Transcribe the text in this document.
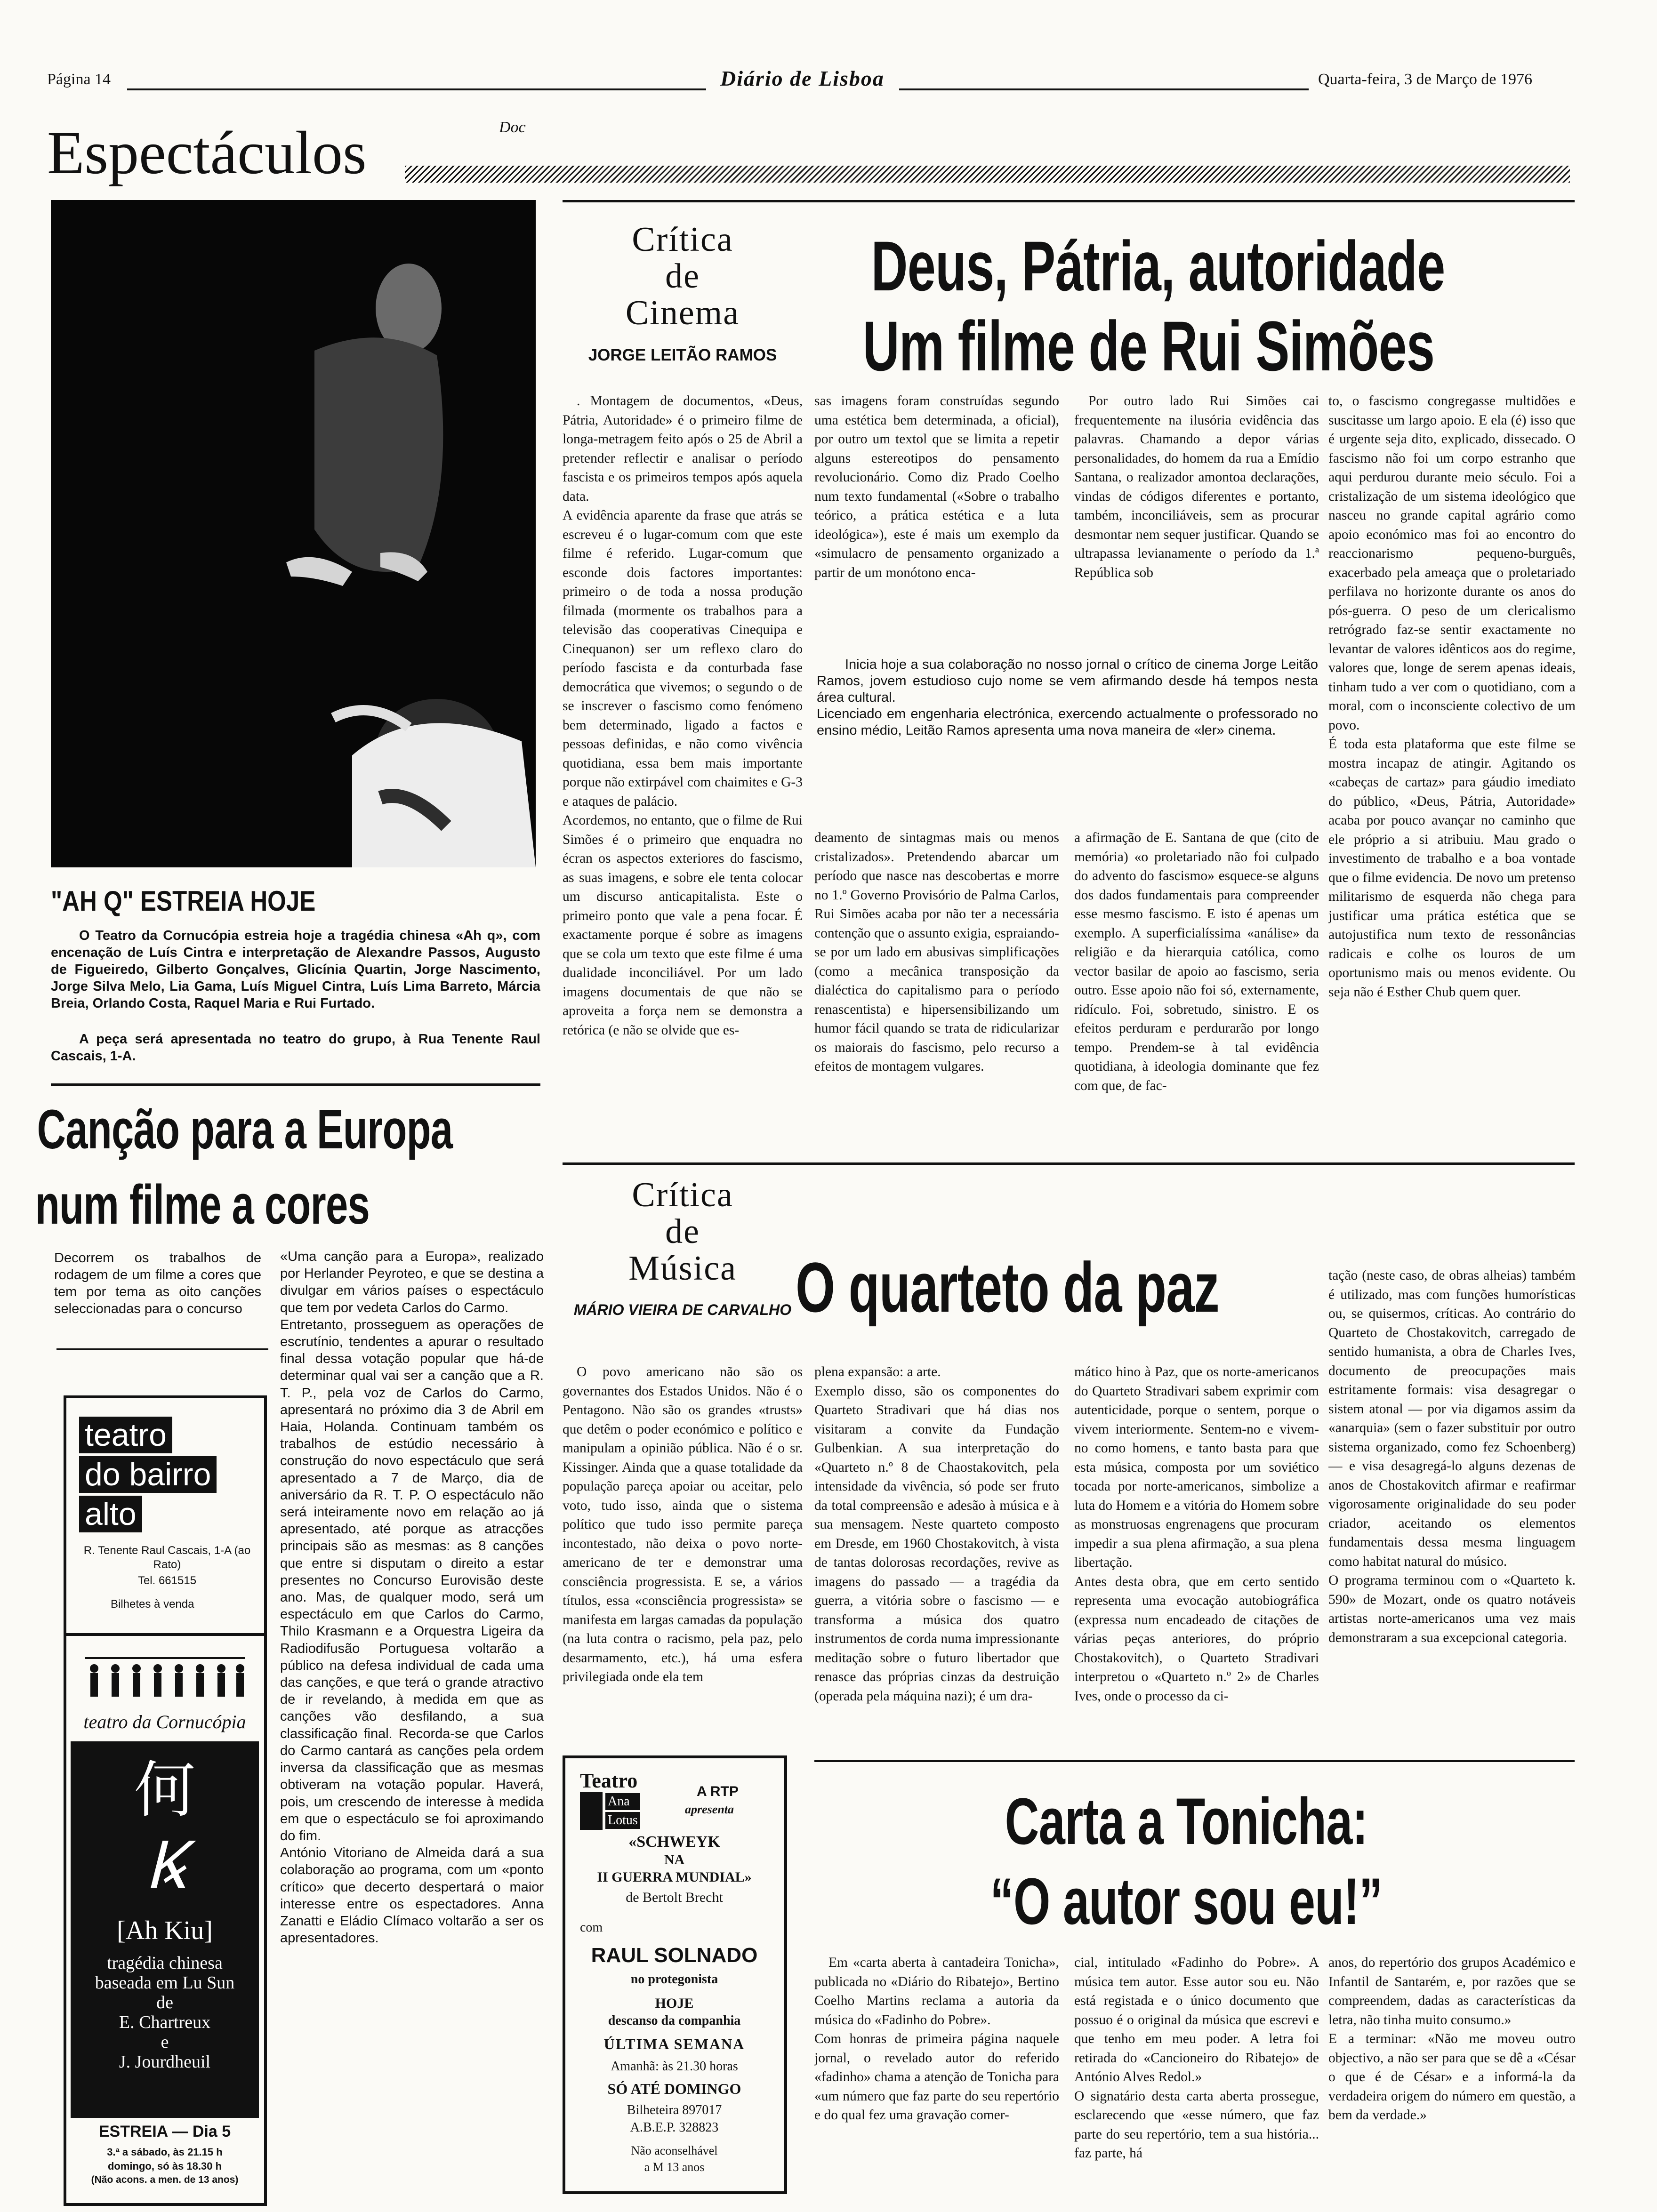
Página 14	Diário de Lisboa	Quarta-feira, 3 de Março de 1976
Espectáculos	Doc
"AH Q" ESTREIA HOJE
O Teatro da Cornucópia estreia hoje a tragédia chinesa «Ah q», com encenação de Luís Cintra e interpretação de Alexandre Passos, Augusto de Figueiredo, Gilberto Gonçalves, Glicínia Quartin, Jorge Nascimento, Jorge Silva Melo, Lia Gama, Luís Miguel Cintra, Luís Lima Barreto, Márcia Breia, Orlando Costa, Raquel Maria e Rui Furtado.
A peça será apresentada no teatro do grupo, à Rua Tenente Raul Cascais, 1-A.
Canção para a Europa
num filme a cores
Decorrem os trabalhos de rodagem de um filme a cores que tem por tema as oito canções seleccionadas para o concurso
«Uma canção para a Europa», realizado por Herlander Peyroteo, e que se destina a divulgar em vários países o espectáculo que tem por vedeta Carlos do Carmo.
Entretanto, prosseguem as operações de escrutínio, tendentes a apurar o resultado final dessa votação popular que há-de determinar qual vai ser a canção que a R. T. P., pela voz de Carlos do Carmo, apresentará no próximo dia 3 de Abril em Haia, Holanda. Continuam também os trabalhos de estúdio necessário à construção do novo espectáculo que será apresentado a 7 de Março, dia de aniversário da R. T. P. O espectáculo não será inteiramente novo em relação ao já apresentado, até porque as atracções principais são as mesmas: as 8 canções que entre si disputam o direito a estar presentes no Concurso Eurovisão deste ano. Mas, de qualquer modo, será um espectáculo em que Carlos do Carmo, Thilo Krasmann e a Orquestra Ligeira da Radiodifusão Portuguesa voltarão a público na defesa individual de cada uma das canções, e que terá o grande atractivo de ir revelando, à medida em que as canções vão desfilando, a sua classificação final. Recorda-se que Carlos do Carmo cantará as canções pela ordem inversa da classificação que as mesmas obtiveram na votação popular. Haverá, pois, um crescendo de interesse à medida em que o espectáculo se foi aproximando do fim.
António Vitoriano de Almeida dará a sua colaboração ao programa, com um «ponto crítico» que decerto despertará o maior interesse entre os espectadores. Anna Zanatti e Eládio Clímaco voltarão a ser os apresentadores.
teatro
do bairro
alto
R. Tenente Raul Cascais, 1-A (ao Rato)
Tel. 661515
Bilhetes à venda
teatro da Cornucópia
何
Ꝃ
[Ah Kiu]
tragédia chinesa
baseada em Lu Sun
de
E. Chartreux
e
J. Jourdheuil
ESTREIA — Dia 5
3.ª a sábado, às 21.15 h
domingo, só às 18.30 h
(Não acons. a men. de 13 anos)
Crítica
de
Cinema
JORGE LEITÃO RAMOS
Deus, Pátria, autoridade
Um filme de Rui Simões
. Montagem de documentos, «Deus, Pátria, Autoridade» é o primeiro filme de longa-metragem feito após o 25 de Abril a pretender reflectir e analisar o período fascista e os primeiros tempos após aquela data.
A evidência aparente da frase que atrás se escreveu é o lugar-comum com que este filme é referido. Lugar-comum que esconde dois factores importantes: primeiro o de toda a nossa produção filmada (mormente os trabalhos para a televisão das cooperativas Cinequipa e Cinequanon) ser um reflexo claro do período fascista e da conturbada fase democrática que vivemos; o segundo o de se inscrever o fascismo como fenómeno bem determinado, ligado a factos e pessoas definidas, e não como vivência quotidiana, essa bem mais importante porque não extirpável com chaimites e G-3 e ataques de palácio.
Acordemos, no entanto, que o filme de Rui Simões é o primeiro que enquadra no écran os aspectos exteriores do fascismo, as suas imagens, e sobre ele tenta colocar um discurso anticapitalista. Este o primeiro ponto que vale a pena focar. É exactamente porque é sobre as imagens que se cola um texto que este filme é uma dualidade inconciliável. Por um lado imagens documentais de que não se aproveita a força nem se demonstra a retórica (e não se olvide que es-
sas imagens foram construídas segundo uma estética bem determinada, a oficial), por outro um textol que se limita a repetir alguns estereotipos do pensamento revolucionário. Como diz Prado Coelho num texto fundamental («Sobre o trabalho teórico, a prática estética e a luta ideológica»), este é mais um exemplo da «simulacro de pensamento organizado a partir de um monótono enca-
Por outro lado Rui Simões cai frequentemente na ilusória evidência das palavras. Chamando a depor várias personalidades, do homem da rua a Emídio Santana, o realizador amontoa declarações, vindas de códigos diferentes e portanto, também, inconciliáveis, sem as procurar desmontar nem sequer justificar. Quando se ultrapassa levianamente o período da 1.ª República sob
Inicia hoje a sua colaboração no nosso jornal o crítico de cinema Jorge Leitão Ramos, jovem estudioso cujo nome se vem afirmando desde há tempos nesta área cultural.
Licenciado em engenharia electrónica, exercendo actualmente o professorado no ensino médio, Leitão Ramos apresenta uma nova maneira de «ler» cinema.
deamento de sintagmas mais ou menos cristalizados». Pretendendo abarcar um período que nasce nas descobertas e morre no 1.º Governo Provisório de Palma Carlos, Rui Simões acaba por não ter a necessária contenção que o assunto exigia, espraiando-se por um lado em abusivas simplificações (como a mecânica transposição da dialéctica do capitalismo para o período renascentista) e hipersensibilizando um humor fácil quando se trata de ridicularizar os maiorais do fascismo, pelo recurso a efeitos de montagem vulgares.
a afirmação de E. Santana de que (cito de memória) «o proletariado não foi culpado do advento do fascismo» esquece-se alguns dos dados fundamentais para compreender esse mesmo fascismo. E isto é apenas um exemplo. A superficialíssima «análise» da religião e da hierarquia católica, como vector basilar de apoio ao fascismo, seria outro. Esse apoio não foi só, externamente, ridículo. Foi, sobretudo, sinistro. E os efeitos perduram e perdurarão por longo tempo. Prendem-se à tal evidência quotidiana, à ideologia dominante que fez com que, de fac-
to, o fascismo congregasse multidões e suscitasse um largo apoio. E ela (é) isso que é urgente seja dito, explicado, dissecado. O fascismo não foi um corpo estranho que aqui perdurou durante meio século. Foi a cristalização de um sistema ideológico que nasceu no grande capital agrário como apoio económico mas foi ao encontro do reaccionarismo pequeno-burguês, exacerbado pela ameaça que o proletariado perfilava no horizonte durante os anos do pós-guerra. O peso de um clericalismo retrógrado faz-se sentir exactamente no levantar de valores idênticos aos do regime, valores que, longe de serem apenas ideais, tinham tudo a ver com o quotidiano, com a moral, com o inconsciente colectivo de um povo.
É toda esta plataforma que este filme se mostra incapaz de atingir. Agitando os «cabeças de cartaz» para gáudio imediato do público, «Deus, Pátria, Autoridade» acaba por pouco avançar no caminho que ele próprio a si atribuiu. Mau grado o investimento de trabalho e a boa vontade que o filme evidencia. De novo um pretenso militarismo de esquerda não chega para justificar uma prática estética que se autojustifica num texto de ressonâncias radicais e colhe os louros de um oportunismo mais ou menos evidente. Ou seja não é Esther Chub quem quer.
Crítica
de
Música
MÁRIO VIEIRA DE CARVALHO O quarteto da paz
O povo americano não são os governantes dos Estados Unidos. Não é o Pentagono. Não são os grandes «trusts» que detêm o poder económico e político e manipulam a opinião pública. Não é o sr. Kissinger. Ainda que a quase totalidade da população pareça apoiar ou aceitar, pelo voto, tudo isso, ainda que o sistema político que tudo isso permite pareça incontestado, não deixa o povo norte-americano de ter e demonstrar uma consciência progressista. E se, a vários títulos, essa «consciência progressista» se manifesta em largas camadas da população (na luta contra o racismo, pela paz, pelo desarmamento, etc.), há uma esfera privilegiada onde ela tem
plena expansão: a arte.
Exemplo disso, são os componentes do Quarteto Stradivari que há dias nos visitaram a convite da Fundação Gulbenkian. A sua interpretação do «Quarteto n.º 8 de Chaostakovitch, pela intensidade da vivência, só pode ser fruto da total compreensão e adesão à música e à sua mensagem. Neste quarteto composto em Dresde, em 1960 Chostakovitch, à vista de tantas dolorosas recordações, revive as imagens do passado — a tragédia da guerra, a vitória sobre o fascismo — e transforma a música dos quatro instrumentos de corda numa impressionante meditação sobre o futuro libertador que renasce das próprias cinzas da destruição (operada pela máquina nazi); é um dra-
mático hino à Paz, que os norte-americanos do Quarteto Stradivari sabem exprimir com autenticidade, porque o sentem, porque o vivem interiormente. Sentem-no e vivem-no como homens, e tanto basta para que esta música, composta por um soviético tocada por norte-americanos, simbolize a luta do Homem e a vitória do Homem sobre as monstruosas engrenagens que procuram impedir a sua plena afirmação, a sua plena libertação.
Antes desta obra, que em certo sentido representa uma evocação autobiográfica (expressa num encadeado de citações de várias peças anteriores, do próprio Chostakovitch), o Quarteto Stradivari interpretou o «Quarteto n.º 2» de Charles Ives, onde o processo da ci-
tação (neste caso, de obras alheias) também é utilizado, mas com funções humorísticas ou, se quisermos, críticas. Ao contrário do Quarteto de Chostakovitch, carregado de sentido humanista, a obra de Charles Ives, documento de preocupações mais estritamente formais: visa desagregar o sistem atonal — por via digamos assim da «anarquia» (sem o fazer substituir por outro sistema organizado, como fez Schoenberg) — e visa desagregá-lo alguns dezenas de anos de Chostakovitch afirmar e reafirmar vigorosamente originalidade do seu poder criador, aceitando os elementos fundamentais dessa mesma linguagem como habitat natural do músico.
O programa terminou com o «Quarteto k. 590» de Mozart, onde os quatro notáveis artistas norte-americanos uma vez mais demonstraram a sua excepcional categoria.
Teatro
Ana
Lotus
A RTP
apresenta
«SCHWEYK
NA
II GUERRA MUNDIAL»
de Bertolt Brecht
com
RAUL SOLNADO
no protegonista
HOJE
descanso da companhia
ÚLTIMA SEMANA
Amanhã: às 21.30 horas
SÓ ATÉ DOMINGO
Bilheteira 897017
A.B.E.P. 328823
Não aconselhável
a M 13 anos
Carta a Tonicha:
“O autor sou eu!”
Em «carta aberta à cantadeira Tonicha», publicada no «Diário do Ribatejo», Bertino Coelho Martins reclama a autoria da música do «Fadinho do Pobre».
Com honras de primeira página naquele jornal, o revelado autor do referido «fadinho» chama a atenção de Tonicha para «um número que faz parte do seu repertório e do qual fez uma gravação comer-
cial, intitulado «Fadinho do Pobre». A música tem autor. Esse autor sou eu. Não está registada e o único documento que possuo é o original da música que escrevi e que tenho em meu poder. A letra foi retirada do «Cancioneiro do Ribatejo» de António Alves Redol.»
O signatário desta carta aberta prossegue, esclarecendo que «esse número, que faz parte do seu repertório, tem a sua história... faz parte, há
anos, do repertório dos grupos Académico e Infantil de Santarém, e, por razões que se compreendem, dadas as características da letra, não tinha muito consumo.»
E a terminar: «Não me moveu outro objectivo, a não ser para que se dê a «César o que é de César» e a informá-la da verdadeira origem do número em questão, a bem da verdade.»
